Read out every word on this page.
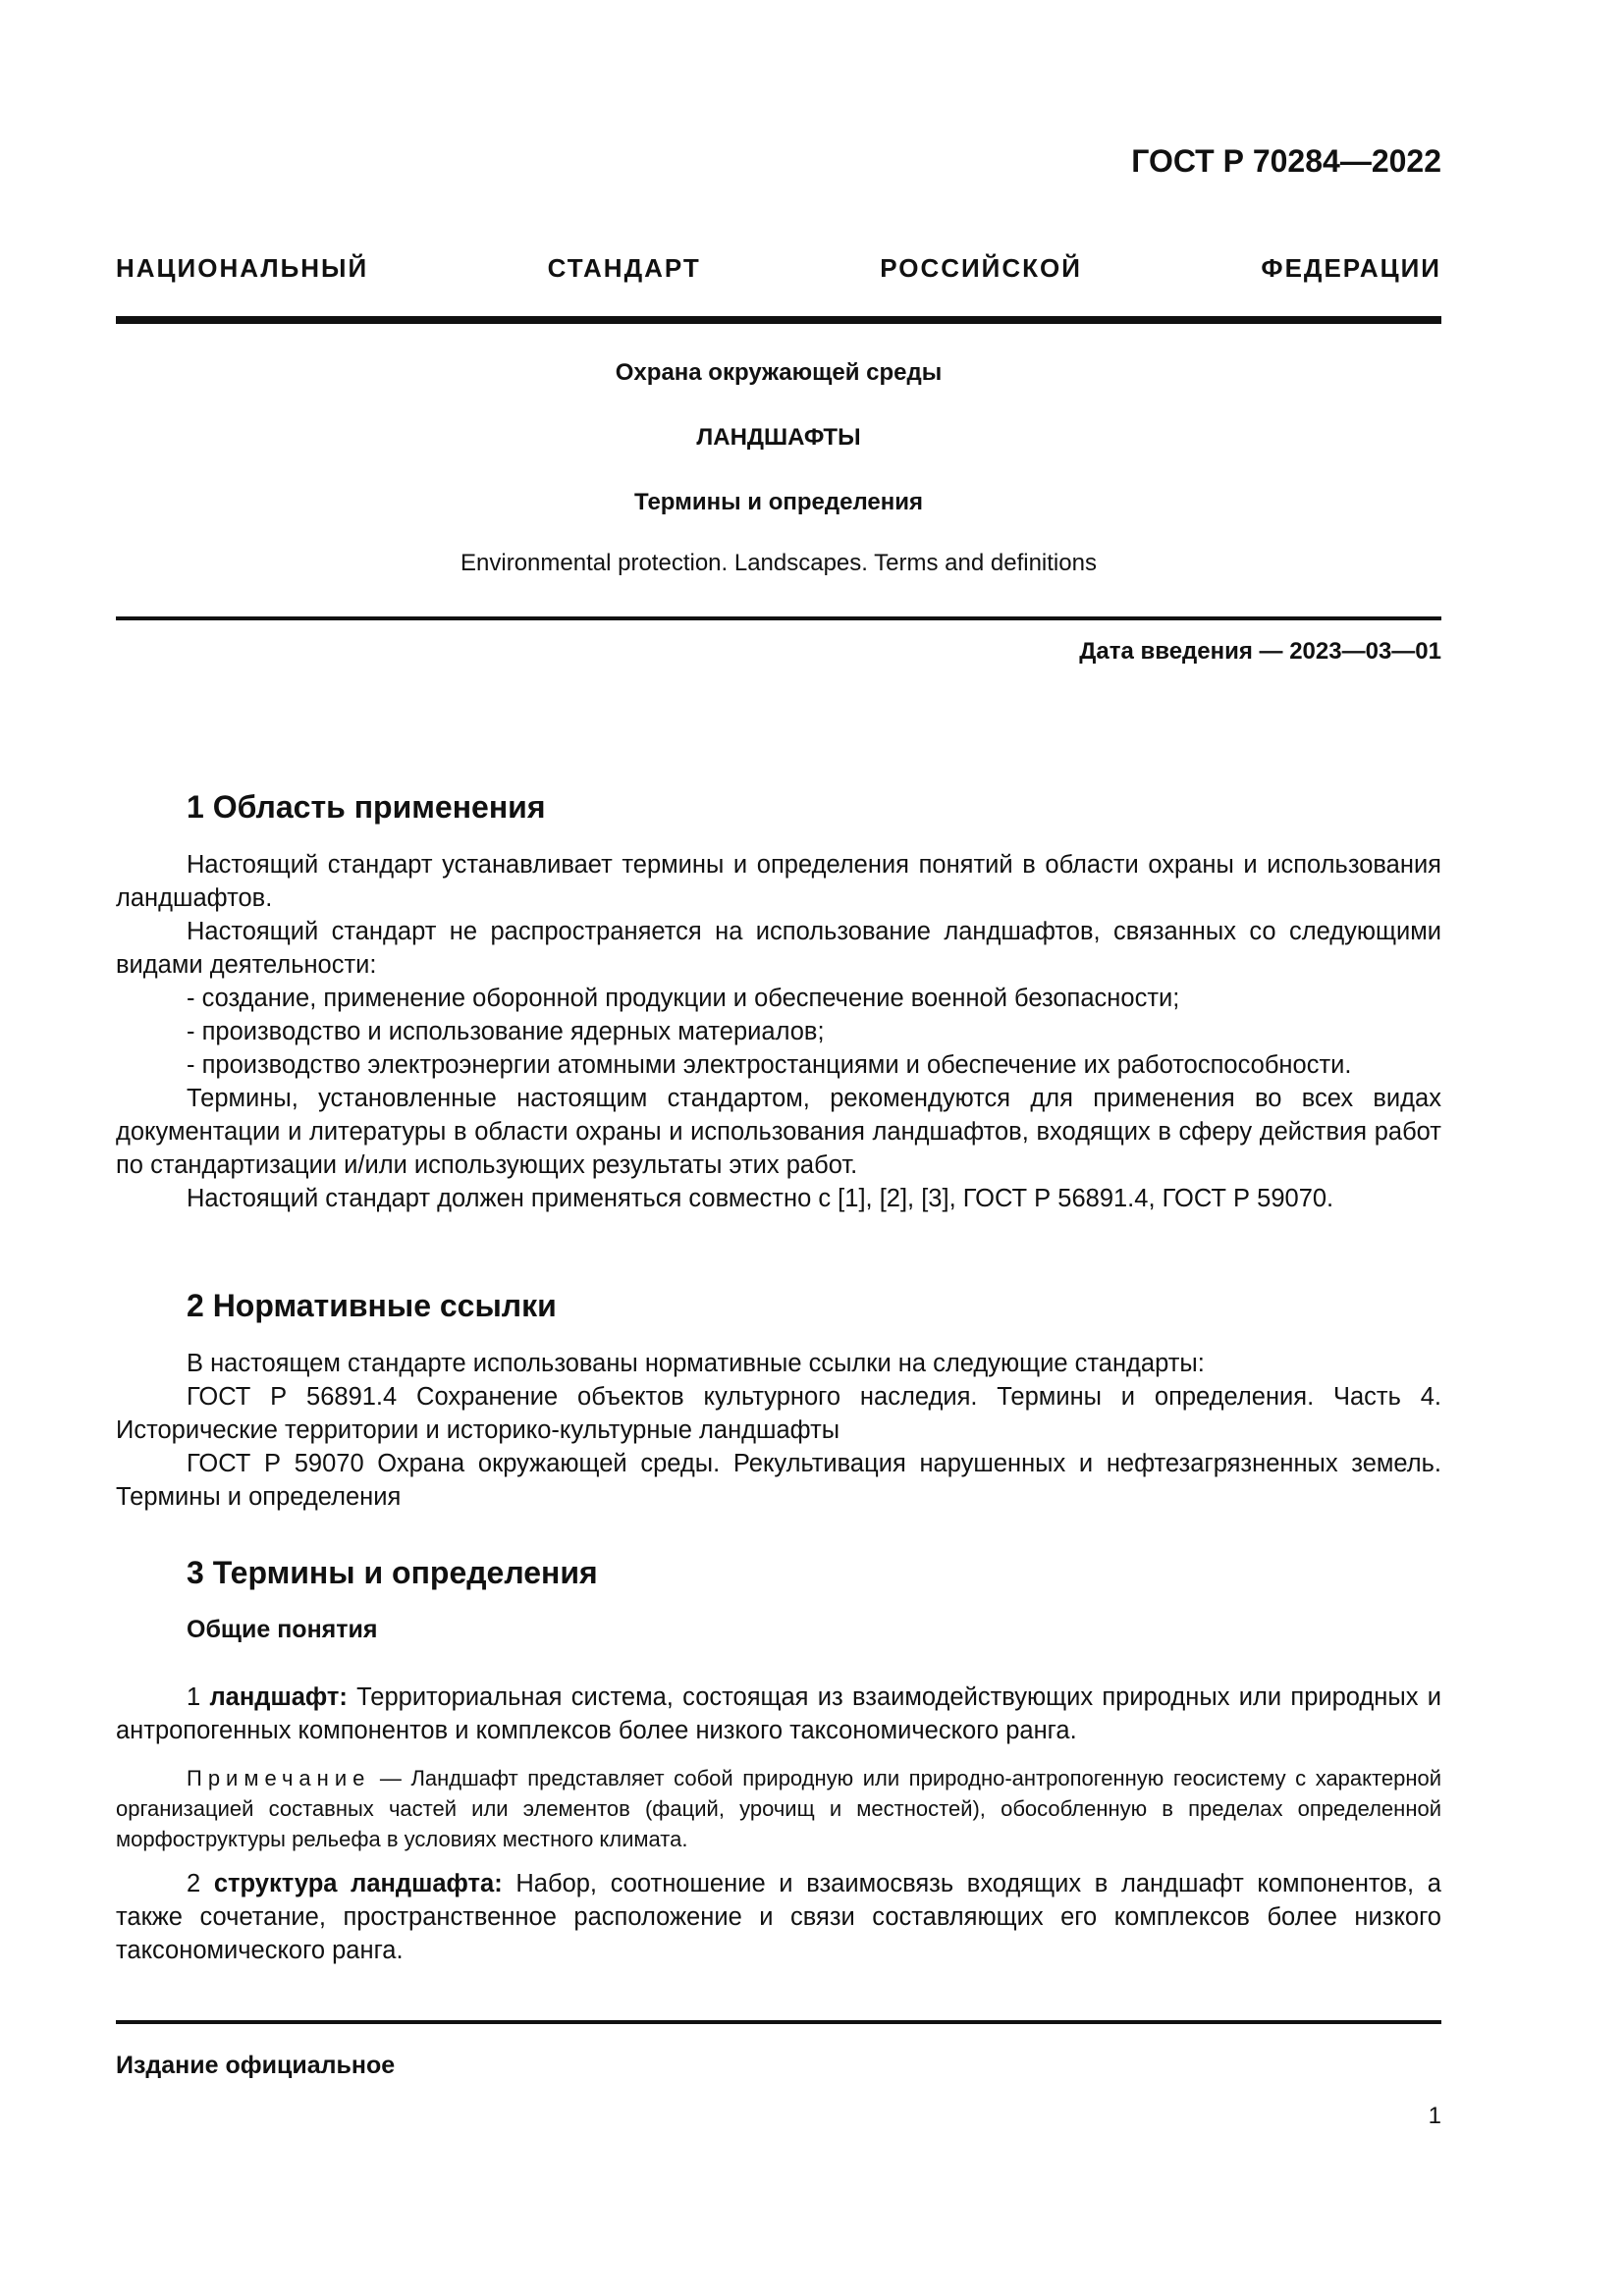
ГОСТ Р 70284—2022
НАЦИОНАЛЬНЫЙ СТАНДАРТ РОССИЙСКОЙ ФЕДЕРАЦИИ
Охрана окружающей среды
ЛАНДШАФТЫ
Термины и определения
Environmental protection. Landscapes. Terms and definitions
Дата введения — 2023—03—01
1 Область применения

Настоящий стандарт устанавливает термины и определения понятий в области охраны и использования ландшафтов.

Настоящий стандарт не распространяется на использование ландшафтов, связанных со следующими видами деятельности:

- создание, применение оборонной продукции и обеспечение военной безопасности;

- производство и использование ядерных материалов;

- производство электроэнергии атомными электростанциями и обеспечение их работоспособности.

Термины, установленные настоящим стандартом, рекомендуются для применения во всех видах документации и литературы в области охраны и использования ландшафтов, входящих в сферу действия работ по стандартизации и/или использующих результаты этих работ.

Настоящий стандарт должен применяться совместно с [1], [2], [3], ГОСТ Р 56891.4, ГОСТ Р 59070.

2 Нормативные ссылки

В настоящем стандарте использованы нормативные ссылки на следующие стандарты:

ГОСТ Р 56891.4 Сохранение объектов культурного наследия. Термины и определения. Часть 4. Исторические территории и историко-культурные ландшафты

ГОСТ Р 59070 Охрана окружающей среды. Рекультивация нарушенных и нефтезагрязненных земель. Термины и определения

3 Термины и определения
Общие понятия

1 ландшафт: Территориальная система, состоящая из взаимодействующих природных или природных и антропогенных компонентов и комплексов более низкого таксономического ранга.

Примечание — Ландшафт представляет собой природную или природно-антропогенную геосистему с характерной организацией составных частей или элементов (фаций, урочищ и местностей), обособленную в пределах определенной морфоструктуры рельефа в условиях местного климата.

2 структура ландшафта: Набор, соотношение и взаимосвязь входящих в ландшафт компонентов, а также сочетание, пространственное расположение и связи составляющих его комплексов более низкого таксономического ранга.

Издание официальное
1
